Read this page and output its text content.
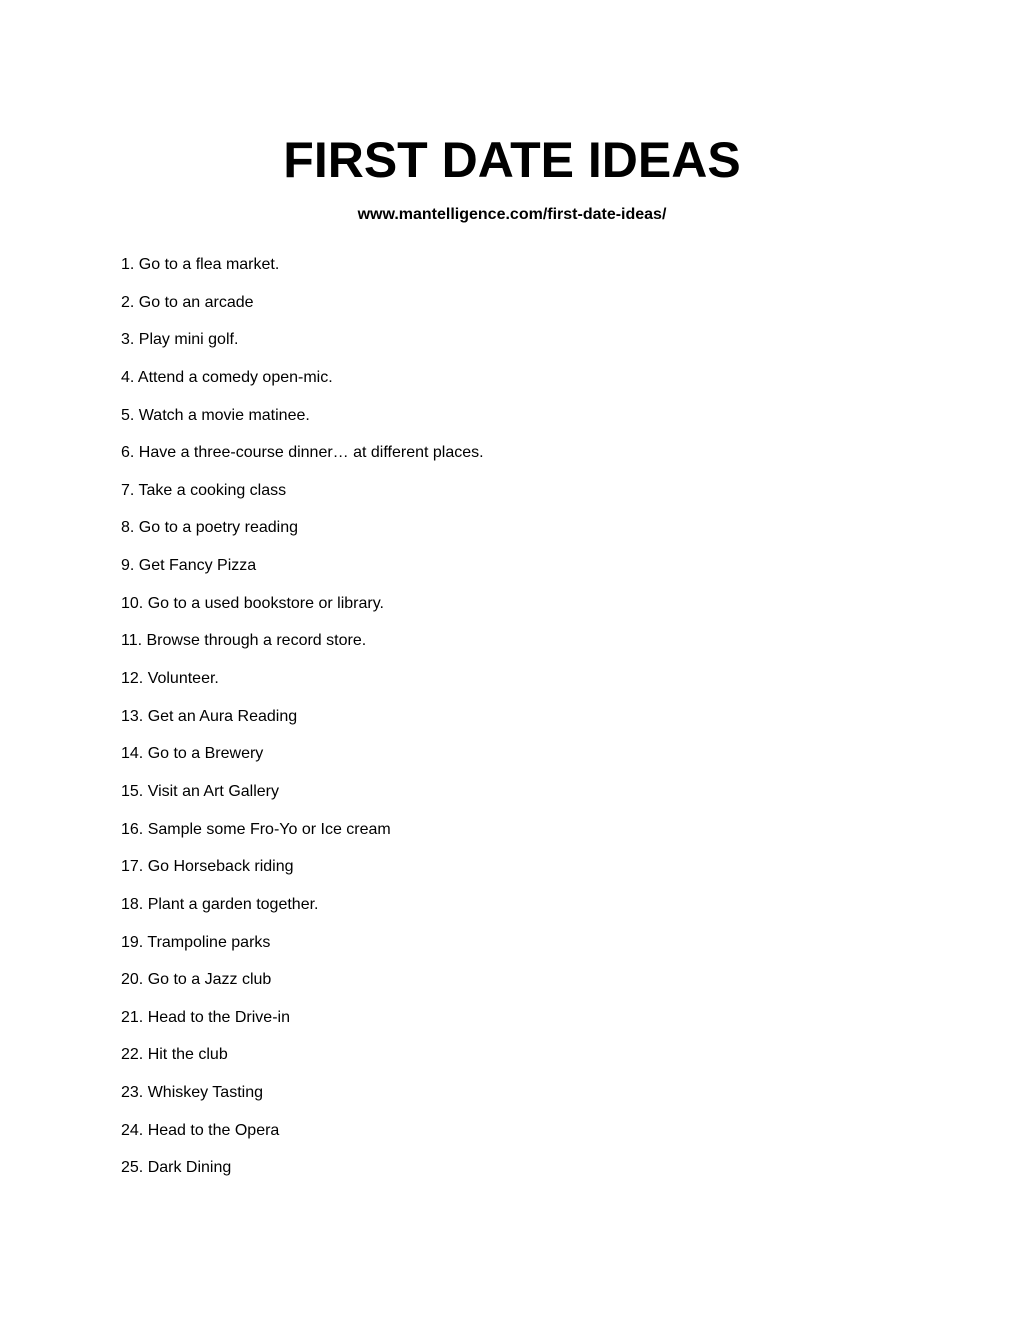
FIRST DATE IDEAS
www.mantelligence.com/first-date-ideas/
1. Go to a flea market.
2. Go to an arcade
3. Play mini golf.
4. Attend a comedy open-mic.
5. Watch a movie matinee.
6. Have a three-course dinner… at different places.
7. Take a cooking class
8. Go to a poetry reading
9. Get Fancy Pizza
10. Go to a used bookstore or library.
11. Browse through a record store.
12. Volunteer.
13. Get an Aura Reading
14. Go to a Brewery
15. Visit an Art Gallery
16. Sample some Fro-Yo or Ice cream
17. Go Horseback riding
18. Plant a garden together.
19. Trampoline parks
20. Go to a Jazz club
21. Head to the Drive-in
22. Hit the club
23. Whiskey Tasting
24. Head to the Opera
25. Dark Dining
